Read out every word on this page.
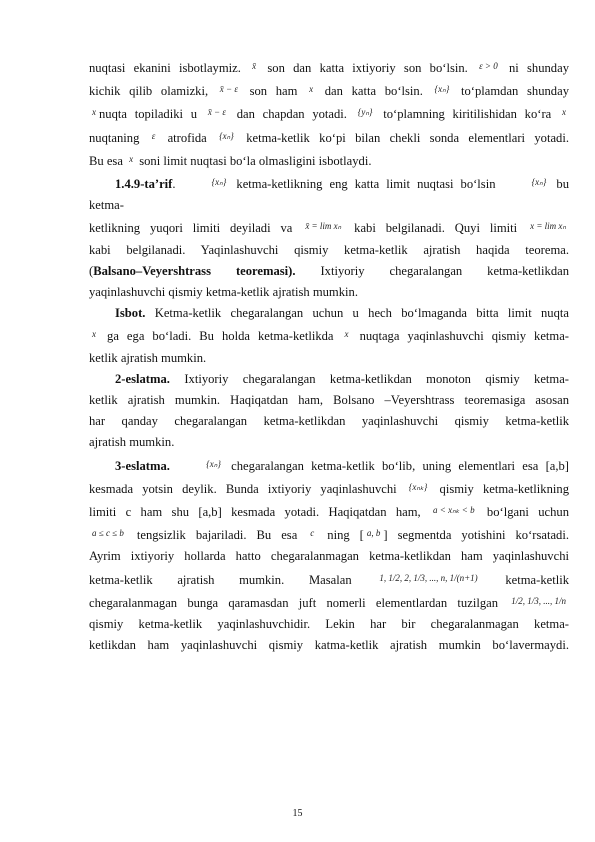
nuqtasi ekanini isbotlaymiz. x̄ son dan katta ixtiyoriy son bo‘lsin. ε > 0 ni shunday
kichik qilib olamizki, x̄ − ε son ham x dan katta bo‘lsin. {xₙ} to‘plamdan shunday
x nuqta topiladiki u x̄ − ε dan chapdan yotadi. {yₙ} to‘plamning kiritilishidan ko‘ra x
nuqtaning ε atrofida {xₙ} ketma-ketlik ko‘pi bilan chekli sonda elementlari yotadi.
Bu esa x soni limit nuqtasi bo‘la olmasligini isbotlaydi.
1.4.9-ta’rif.	{xₙ} ketma-ketlikning eng katta limit nuqtasi bo‘lsin	{xₙ} bu ketma-
ketlikning yuqori limiti deyiladi va x̄ = lim xₙ kabi belgilanadi. Quyi limiti x = lim xₙ
kabi belgilanadi. Yaqinlashuvchi qismiy ketma-ketlik ajratish haqida teorema.
(Balsano–Veyershtrass teoremasi). Ixtiyoriy chegaralangan ketma-ketlikdan
yaqinlashuvchi qismiy ketma-ketlik ajratish mumkin.
Isbot. Ketma-ketlik chegaralangan uchun u hech bo‘lmaganda bitta limit nuqta
x ga ega bo‘ladi. Bu holda ketma-ketlikda x nuqtaga yaqinlashuvchi qismiy ketma-
ketlik ajratish mumkin.
2-eslatma. Ixtiyoriy chegaralangan ketma-ketlikdan monoton qismiy ketma-
ketlik ajratish mumkin. Haqiqatdan ham, Bolsano –Veyershtrass teoremasiga asosan
har qanday chegaralangan ketma-ketlikdan yaqinlashuvchi qismiy ketma-ketlik
ajratish mumkin.
3-eslatma.	{xₙ} chegaralangan ketma-ketlik bo‘lib, uning elementlari esa [a,b]
kesmada yotsin deylik. Bunda ixtiyoriy yaqinlashuvchi {xₙₖ} qismiy ketma-ketlikning
limiti c ham shu [a,b] kesmada yotadi. Haqiqatdan ham, a < xₙₖ < b bo‘lgani uchun
a ≤ c ≤ b tengsizlik bajariladi. Bu esa c ning [ a, b ] segmentda yotishini ko‘rsatadi.
Ayrim ixtiyoriy hollarda hatto chegaralanmagan ketma-ketlikdan ham yaqinlashuvchi
ketma-ketlik ajratish mumkin. Masalan 1, 1/2, 2, 1/3, ..., n, 1/(n+1) ketma-ketlik
chegaralanmagan bunga qaramasdan juft nomerli elementlardan tuzilgan 1/2, 1/3, ..., 1/n
qismiy ketma-ketlik yaqinlashuvchidir. Lekin har bir chegaralanmagan ketma-
ketlikdan ham yaqinlashuvchi qismiy katma-ketlik ajratish mumkin bo‘lavermaydi.
15
